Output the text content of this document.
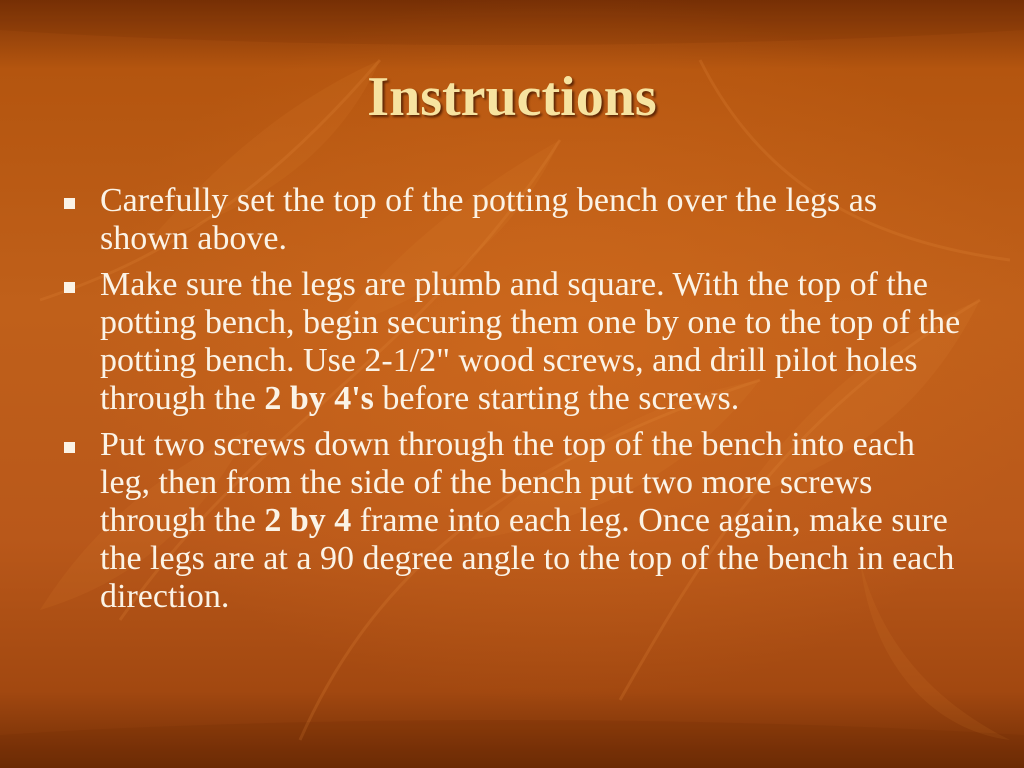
Instructions
Carefully set the top of the potting bench over the legs as shown above.
Make sure the legs are plumb and square. With the top of the potting bench, begin securing them one by one to the top of the potting bench. Use 2-1/2" wood screws, and drill pilot holes through the 2 by 4's before starting the screws.
Put two screws down through the top of the bench into each leg, then from the side of the bench put two more screws through the 2 by 4 frame into each leg. Once again, make sure the legs are at a 90 degree angle to the top of the bench in each direction.
